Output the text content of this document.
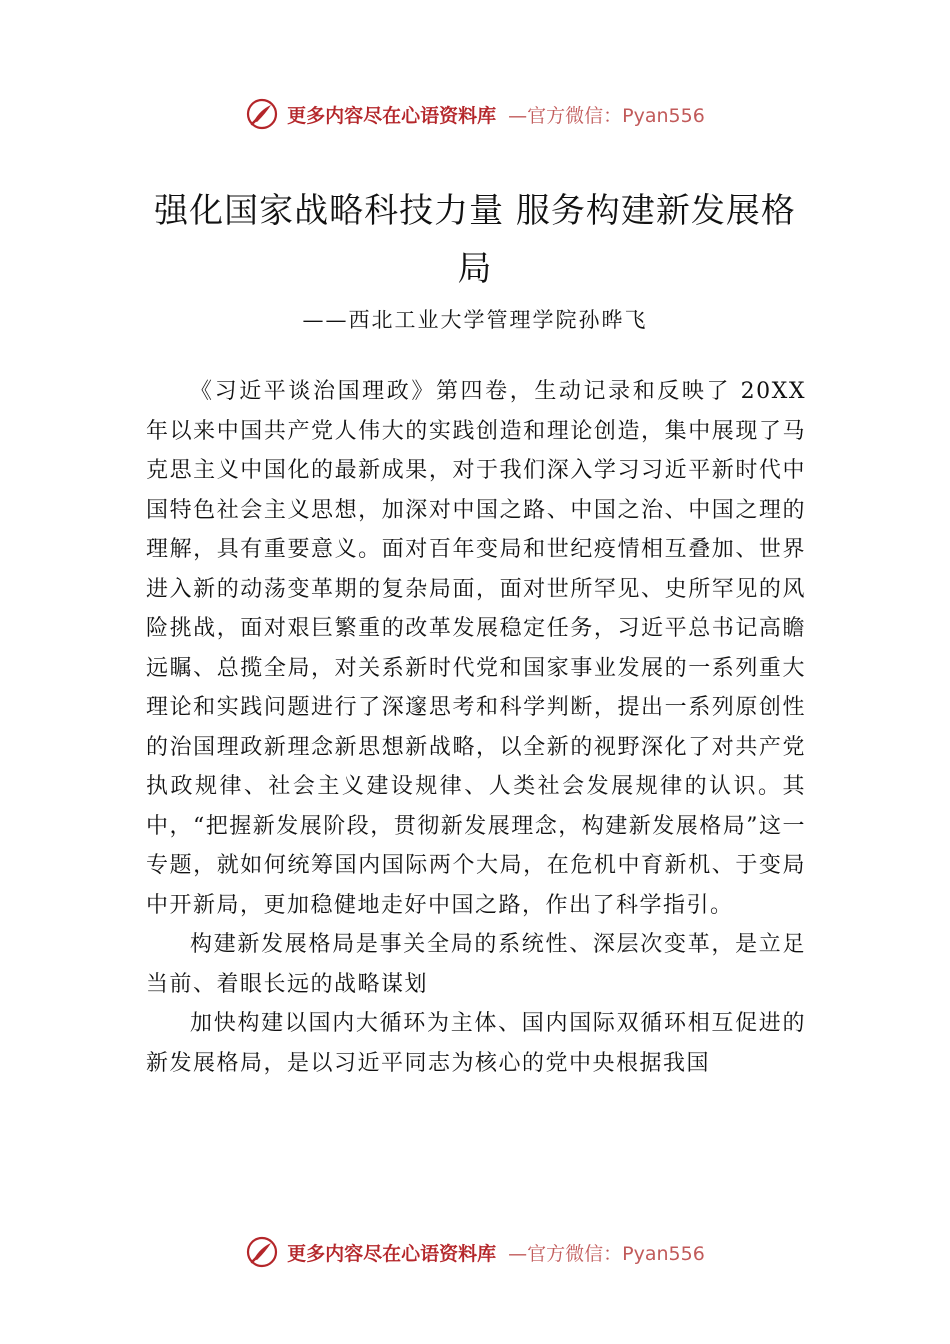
更多内容尽在心语资料库 —官方微信：Pyan556
强化国家战略科技力量 服务构建新发展格局
——西北工业大学管理学院孙晔飞

《习近平谈治国理政》第四卷，生动记录和反映了 20XX 年以来中国共产党人伟大的实践创造和理论创造，集中展现了马克思主义中国化的最新成果，对于我们深入学习习近平新时代中国特色社会主义思想，加深对中国之路、中国之治、中国之理的理解，具有重要意义。面对百年变局和世纪疫情相互叠加、世界进入新的动荡变革期的复杂局面，面对世所罕见、史所罕见的风险挑战，面对艰巨繁重的改革发展稳定任务，习近平总书记高瞻远瞩、总揽全局，对关系新时代党和国家事业发展的一系列重大理论和实践问题进行了深邃思考和科学判断，提出一系列原创性的治国理政新理念新思想新战略，以全新的视野深化了对共产党执政规律、社会主义建设规律、人类社会发展规律的认识。其中，“把握新发展阶段，贯彻新发展理念，构建新发展格局”这一专题，就如何统筹国内国际两个大局，在危机中育新机、于变局中开新局，更加稳健地走好中国之路，作出了科学指引。

构建新发展格局是事关全局的系统性、深层次变革，是立足当前、着眼长远的战略谋划

加快构建以国内大循环为主体、国内国际双循环相互促进的新发展格局，是以习近平同志为核心的党中央根据我国

更多内容尽在心语资料库 —官方微信：Pyan556
